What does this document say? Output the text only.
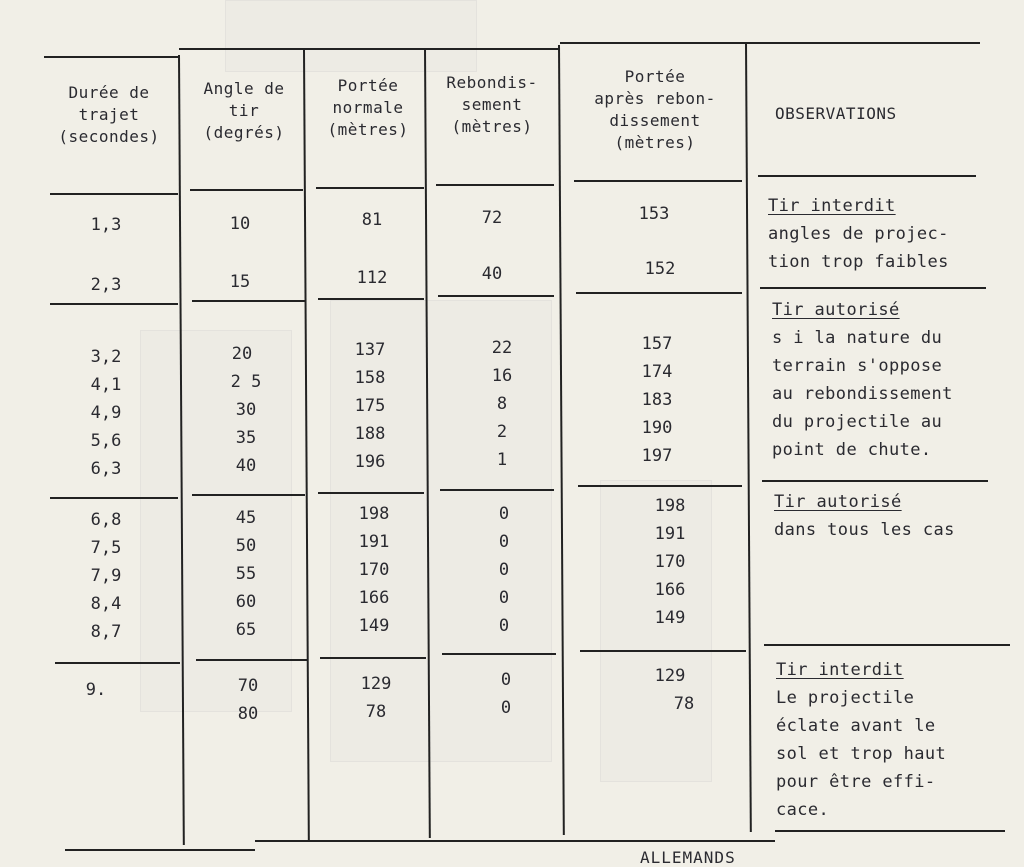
Durée de
trajet
(secondes)
Angle de
tir
(degrés)
Portée
normale
(mètres)
Rebondis-
sement
(mètres)
Portée
après rebon-
dissement
(mètres)
OBSERVATIONS
1,3
2,3
10
15
81
112
72
40
153
152
Tir interdit
angles de projec-
tion trop faibles
3,2
4,1
4,9
5,6
6,3
20
2 5
30
35
40
137
158
175
188
196
22
16
8
2
1
157
174
183
190
197
Tir autorisé
s i la nature du
terrain s'oppose
au rebondissement
du projectile au
point de chute.
6,8
7,5
7,9
8,4
8,7
45
50
55
60
65
198
191
170
166
149
0
0
0
0
0
198
191
170
166
149
Tir autorisé
dans tous les cas
9.	70
80
129
78
0
0
129
78
Tir interdit
Le projectile
éclate avant le
sol et trop haut
pour être effi-
cace.
ALLEMANDS
